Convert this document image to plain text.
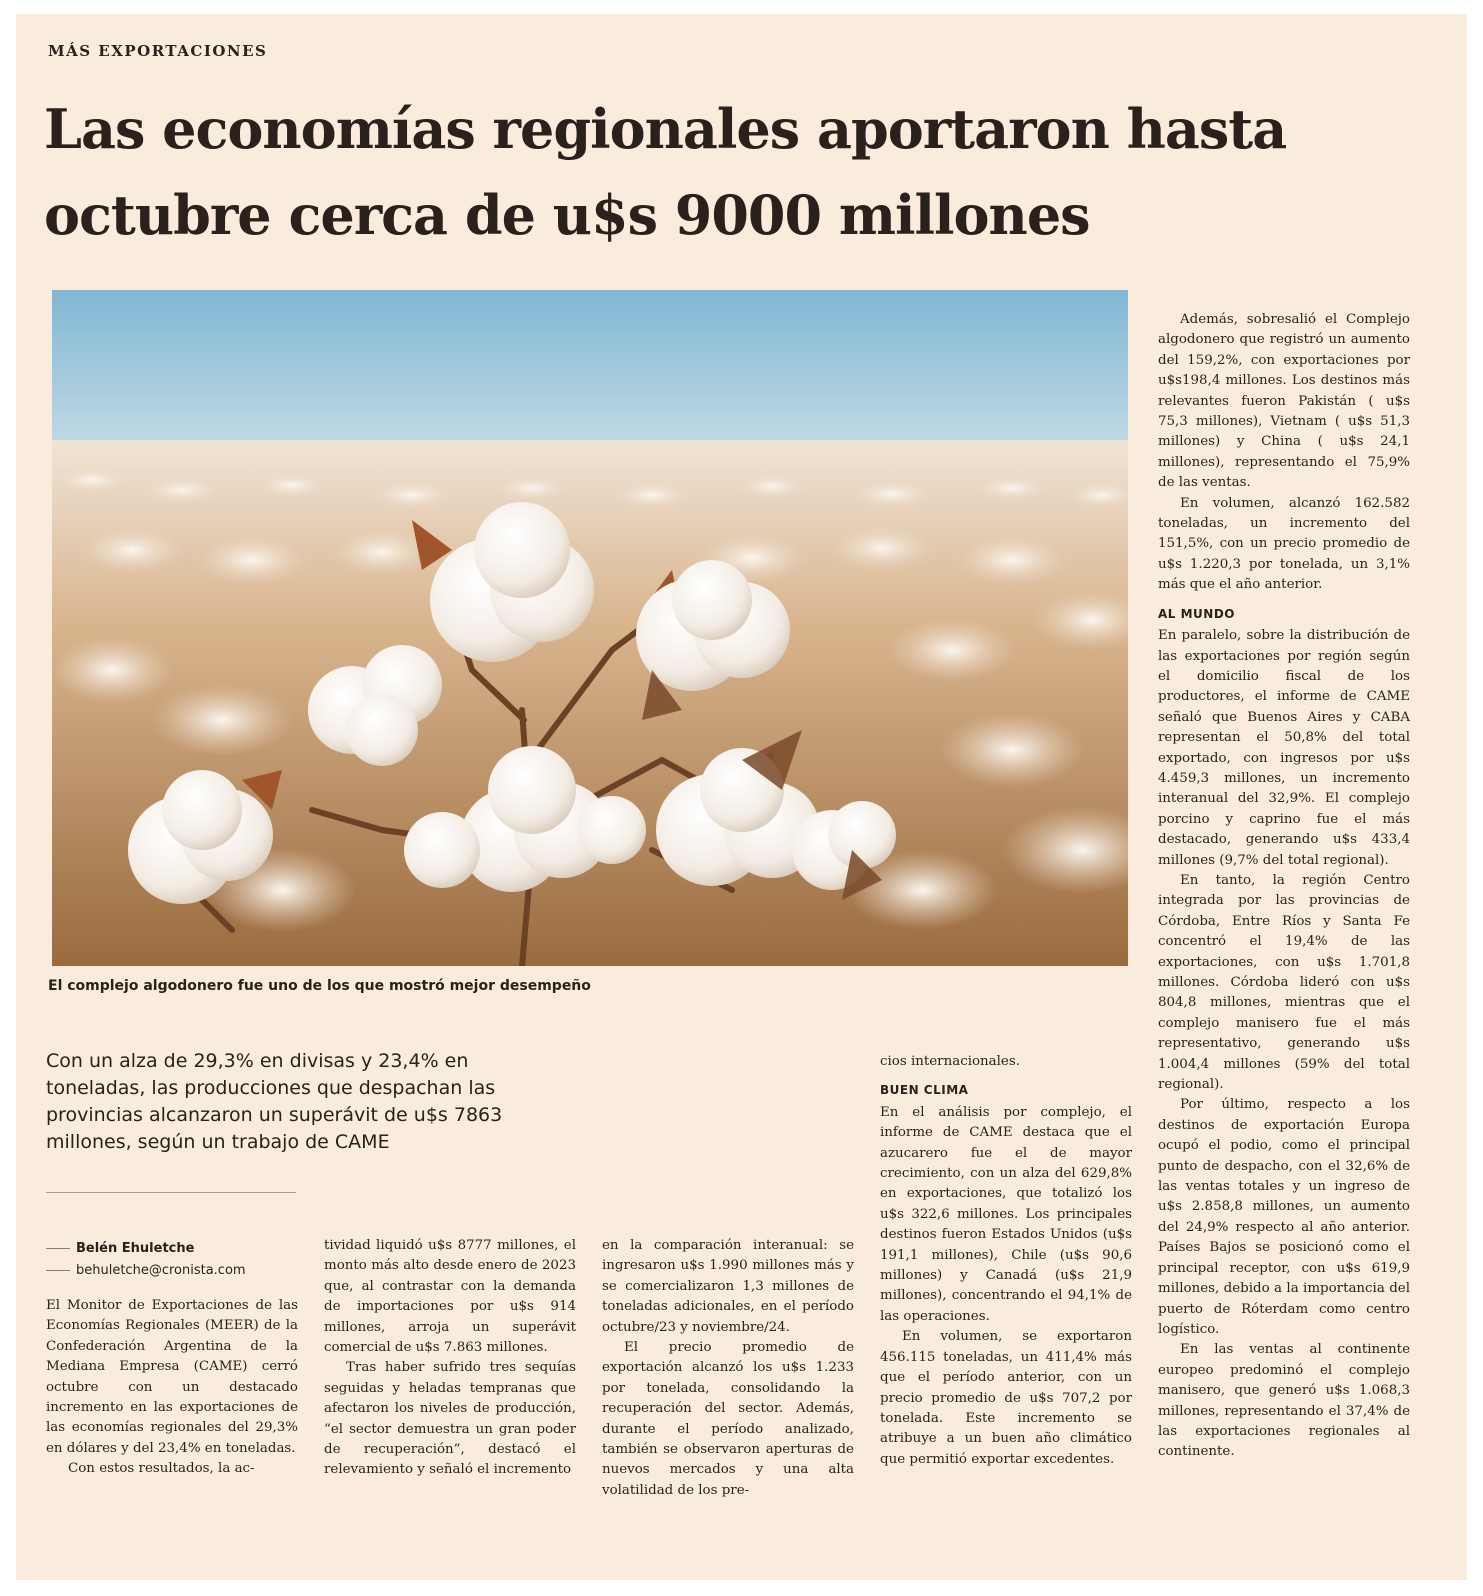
MÁS EXPORTACIONES
Las economías regionales aportaron hasta octubre cerca de u$s 9000 millones
El complejo algodonero fue uno de los que mostró mejor desempeño
Con un alza de 29,3% en divisas y 23,4% en toneladas, las producciones que despachan las provincias alcanzaron un superávit de u$s 7863 millones, según un trabajo de CAME
Belén Ehuletche
behuletche@cronista.com

El Monitor de Exportaciones de las Economías Regionales (MEER) de la Confederación Argentina de la Mediana Empresa (CAME) cerró octubre con un destacado incremento en las exportaciones de las economías regionales del 29,3% en dólares y del 23,4% en toneladas.

Con estos resultados, la ac-

tividad liquidó u$s 8777 millones, el monto más alto desde enero de 2023 que, al contrastar con la demanda de importaciones por u$s 914 millones, arroja un superávit comercial de u$s 7.863 millones.

Tras haber sufrido tres sequías seguidas y heladas tempranas que afectaron los niveles de producción, “el sector demuestra un gran poder de recuperación”, destacó el relevamiento y señaló el incremento

en la comparación interanual: se ingresaron u$s 1.990 millones más y se comercializaron 1,3 millones de toneladas adicionales, en el período octubre/23 y noviembre/24.

El precio promedio de exportación alcanzó los u$s 1.233 por tonelada, consolidando la recuperación del sector. Además, durante el período analizado, también se observaron aperturas de nuevos mercados y una alta volatilidad de los pre-

cios internacionales.

BUEN CLIMA

En el análisis por complejo, el informe de CAME destaca que el azucarero fue el de mayor crecimiento, con un alza del 629,8% en exportaciones, que totalizó los u$s 322,6 millones. Los principales destinos fueron Estados Unidos (u$s 191,1 millones), Chile (u$s 90,6 millones) y Canadá (u$s 21,9 millones), concentrando el 94,1% de las operaciones.

En volumen, se exportaron 456.115 toneladas, un 411,4% más que el período anterior, con un precio promedio de u$s 707,2 por tonelada. Este incremento se atribuye a un buen año climático que permitió exportar excedentes.

Además, sobresalió el Complejo algodonero que registró un aumento del 159,2%, con exportaciones por u$s198,4 millones. Los destinos más relevantes fueron Pakistán ( u$s 75,3 millones), Vietnam ( u$s 51,3 millones) y China ( u$s 24,1 millones), representando el 75,9% de las ventas.

En volumen, alcanzó 162.582 toneladas, un incremento del 151,5%, con un precio promedio de u$s 1.220,3 por tonelada, un 3,1% más que el año anterior.

AL MUNDO

En paralelo, sobre la distribución de las exportaciones por región según el domicilio fiscal de los productores, el informe de CAME señaló que Buenos Aires y CABA representan el 50,8% del total exportado, con ingresos por u$s 4.459,3 millones, un incremento interanual del 32,9%. El complejo porcino y caprino fue el más destacado, generando u$s 433,4 millones (9,7% del total regional).

En tanto, la región Centro integrada por las provincias de Córdoba, Entre Ríos y Santa Fe concentró el 19,4% de las exportaciones, con u$s 1.701,8 millones. Córdoba lideró con u$s 804,8 millones, mientras que el complejo manisero fue el más representativo, generando u$s 1.004,4 millones (59% del total regional).

Por último, respecto a los destinos de exportación Europa ocupó el podio, como el principal punto de despacho, con el 32,6% de las ventas totales y un ingreso de u$s 2.858,8 millones, un aumento del 24,9% respecto al año anterior. Países Bajos se posicionó como el principal receptor, con u$s 619,9 millones, debido a la importancia del puerto de Róterdam como centro logístico.

En las ventas al continente europeo predominó el complejo manisero, que generó u$s 1.068,3 millones, representando el 37,4% de las exportaciones regionales al continente.
